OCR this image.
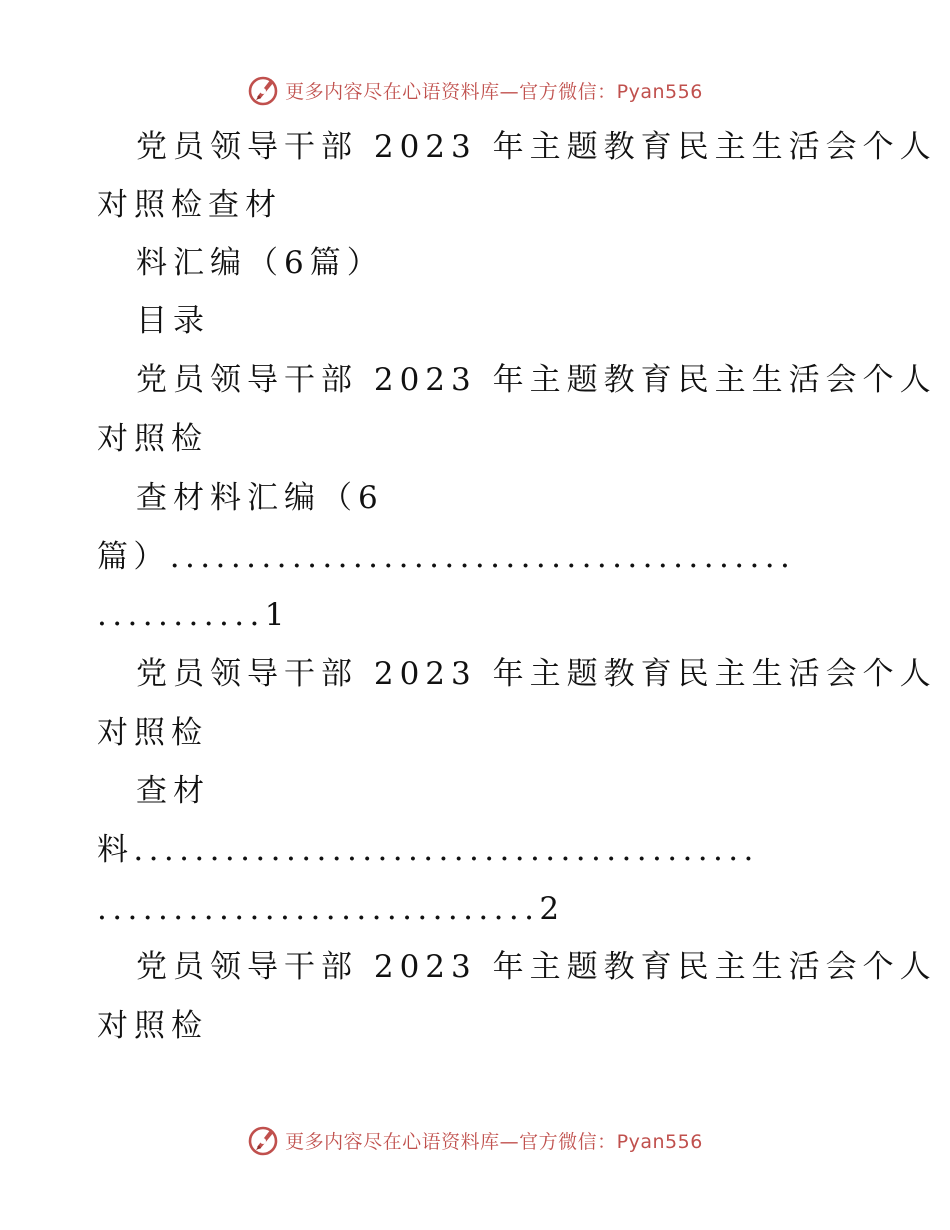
更多内容尽在心语资料库—官方微信：Pyan556
党员领导干部 2023 年主题教育民主生活会个人
对照检查材
料汇编（6篇）
目录
党员领导干部 2023 年主题教育民主生活会个人
对照检
查材料汇编（6
篇）.........................................
...........1
党员领导干部 2023 年主题教育民主生活会个人
对照检
查材
料.........................................
.............................2
党员领导干部 2023 年主题教育民主生活会个人
对照检
更多内容尽在心语资料库—官方微信：Pyan556
